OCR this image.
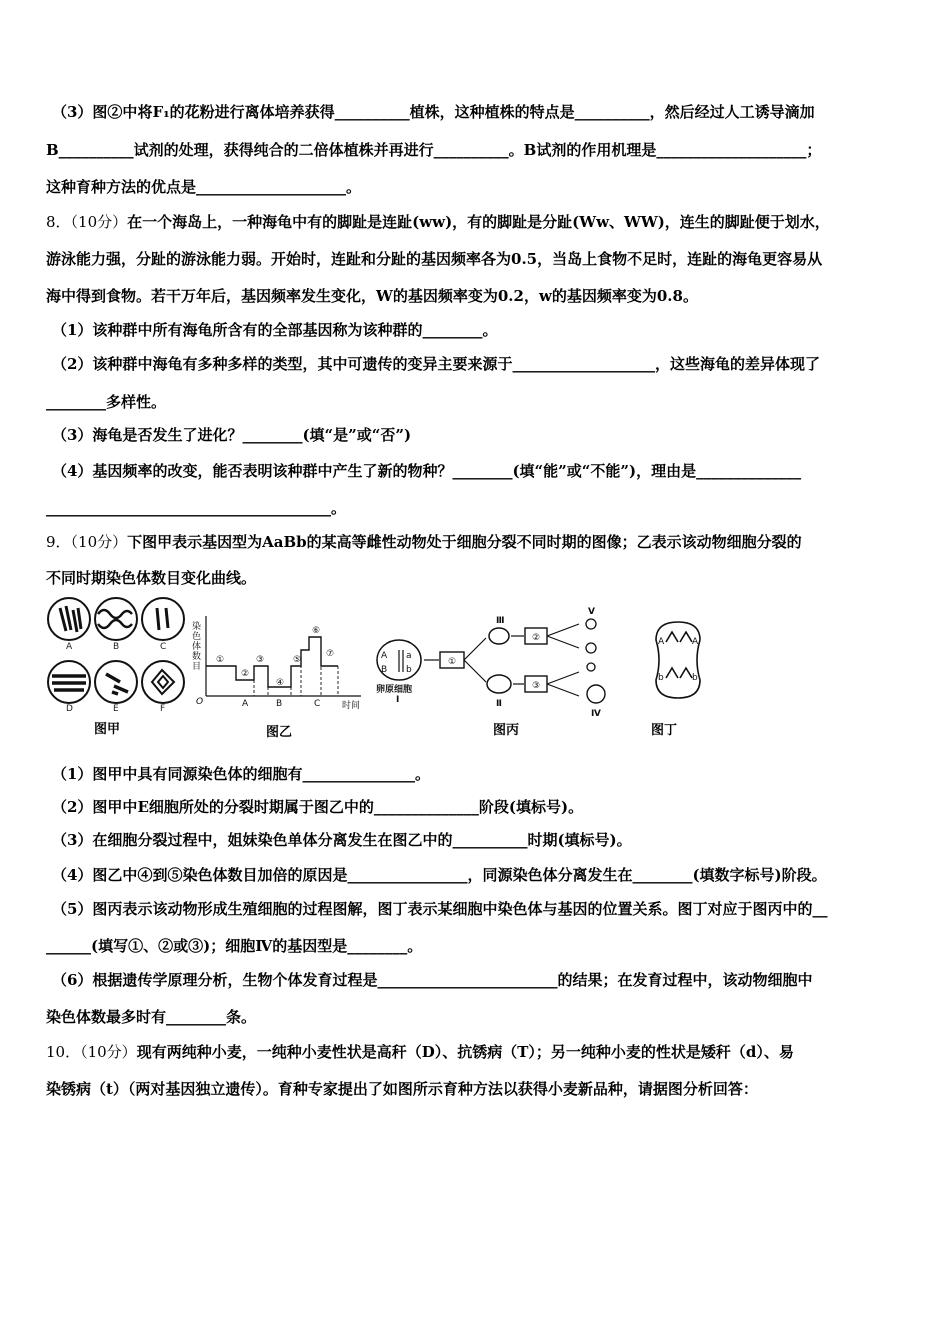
（3）图②中将F₁的花粉进行离体培养获得__________植株，这种植株的特点是__________，然后经过人工诱导滴加
B__________试剂的处理，获得纯合的二倍体植株并再进行__________。B试剂的作用机理是____________________；
这种育种方法的优点是____________________。
8．（10分）在一个海岛上，一种海龟中有的脚趾是连趾(ww)，有的脚趾是分趾(Ww、WW)，连生的脚趾便于划水，
游泳能力强，分趾的游泳能力弱。开始时，连趾和分趾的基因频率各为0.5，当岛上食物不足时，连趾的海龟更容易从
海中得到食物。若干万年后，基因频率发生变化，W的基因频率变为0.2，w的基因频率变为0.8。
（1）该种群中所有海龟所含有的全部基因称为该种群的________。
（2）该种群中海龟有多种多样的类型，其中可遗传的变异主要来源于___________________，这些海龟的差异体现了
________多样性。
（3）海龟是否发生了进化？________(填“是”或“否”)
（4）基因频率的改变，能否表明该种群中产生了新的物种？________(填“能”或“不能”)，理由是______________
______________________________________。
9．（10分）下图甲表示基因型为AaBb的某高等雌性动物处于细胞分裂不同时期的图像；乙表示该动物细胞分裂的
不同时期染色体数目变化曲线。
A	B	C
D	E	F
图甲
染
色
体
数
目
O	时间
A	B	C
①
②
③
④
⑤
⑥
⑦
图乙
A a
B b
卵原细胞
Ⅰ
①
②
③
Ⅱ
Ⅲ
Ⅳ
Ⅴ
图丙
A	A
b	b
图丁
（1）图甲中具有同源染色体的细胞有_______________。
（2）图甲中E细胞所处的分裂时期属于图乙中的______________阶段(填标号)。
（3）在细胞分裂过程中，姐妹染色单体分离发生在图乙中的__________时期(填标号)。
（4）图乙中④到⑤染色体数目加倍的原因是________________，同源染色体分离发生在________(填数字标号)阶段。
（5）图丙表示该动物形成生殖细胞的过程图解，图丁表示某细胞中染色体与基因的位置关系。图丁对应于图丙中的__
______(填写①、②或③)；细胞Ⅳ的基因型是________。
（6）根据遗传学原理分析，生物个体发育过程是________________________的结果；在发育过程中，该动物细胞中
染色体数最多时有________条。
10．（10分）现有两纯种小麦，一纯种小麦性状是高秆（D）、抗锈病（T）；另一纯种小麦的性状是矮秆（d）、易
染锈病（t）（两对基因独立遗传）。育种专家提出了如图所示育种方法以获得小麦新品种，请据图分析回答：
